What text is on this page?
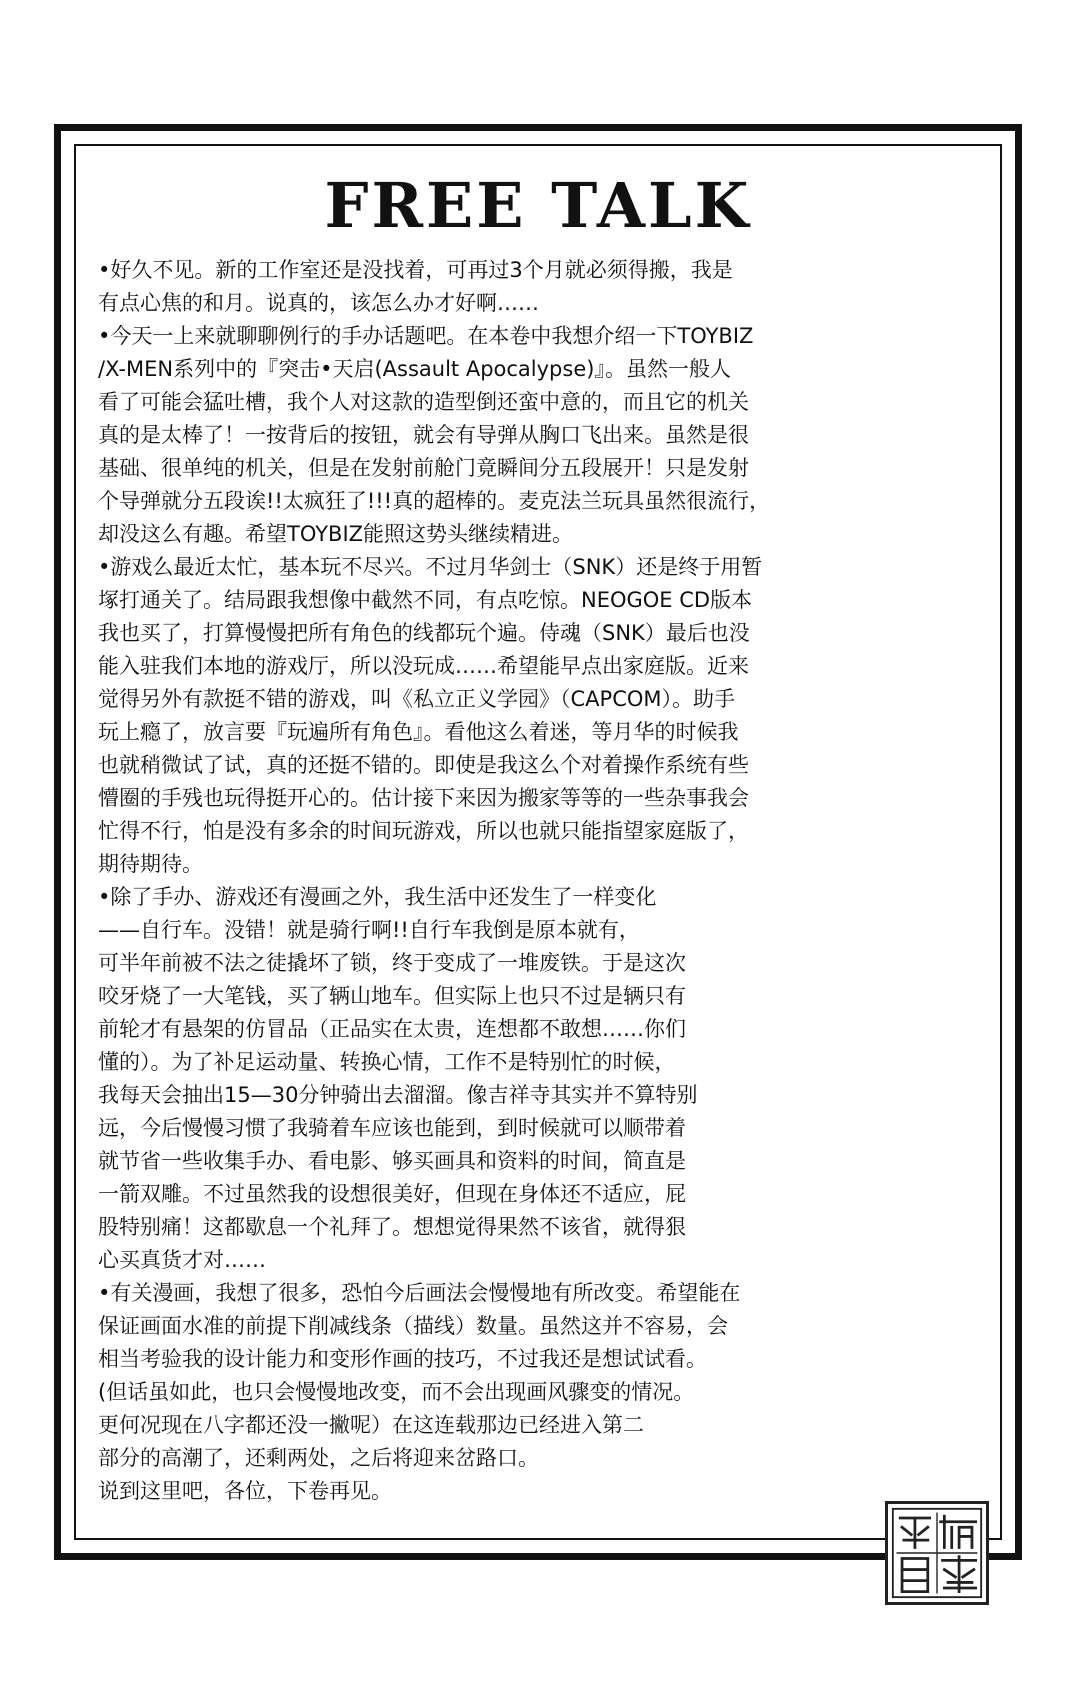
FREE TALK

•好久不见。新的工作室还是没找着，可再过3个月就必须得搬，我是
有点心焦的和月。说真的，该怎么办才好啊……

•今天一上来就聊聊例行的手办话题吧。在本卷中我想介绍一下TOYBIZ
/X-MEN系列中的『突击•天启(Assault Apocalypse)』。虽然一般人
看了可能会猛吐槽，我个人对这款的造型倒还蛮中意的，而且它的机关
真的是太棒了！一按背后的按钮，就会有导弹从胸口飞出来。虽然是很
基础、很单纯的机关，但是在发射前舱门竟瞬间分五段展开！只是发射
个导弹就分五段诶!!太疯狂了!!!真的超棒的。麦克法兰玩具虽然很流行，
却没这么有趣。希望TOYBIZ能照这势头继续精进。

•游戏么最近太忙，基本玩不尽兴。不过月华剑士（SNK）还是终于用暂
塚打通关了。结局跟我想像中截然不同，有点吃惊。NEOGOE CD版本
我也买了，打算慢慢把所有角色的线都玩个遍。侍魂（SNK）最后也没
能入驻我们本地的游戏厅，所以没玩成……希望能早点出家庭版。近来
觉得另外有款挺不错的游戏，叫《私立正义学园》（CAPCOM）。助手
玩上瘾了，放言要『玩遍所有角色』。看他这么着迷，等月华的时候我
也就稍微试了试，真的还挺不错的。即使是我这么个对着操作系统有些
懵圈的手残也玩得挺开心的。估计接下来因为搬家等等的一些杂事我会
忙得不行，怕是没有多余的时间玩游戏，所以也就只能指望家庭版了，
期待期待。

•除了手办、游戏还有漫画之外，我生活中还发生了一样变化
——自行车。没错！就是骑行啊!!自行车我倒是原本就有，
可半年前被不法之徒撬坏了锁，终于变成了一堆废铁。于是这次
咬牙烧了一大笔钱，买了辆山地车。但实际上也只不过是辆只有
前轮才有悬架的仿冒品（正品实在太贵，连想都不敢想……你们
懂的）。为了补足运动量、转换心情，工作不是特别忙的时候，
我每天会抽出15—30分钟骑出去溜溜。像吉祥寺其实并不算特别
远，今后慢慢习惯了我骑着车应该也能到，到时候就可以顺带着
就节省一些收集手办、看电影、够买画具和资料的时间，简直是
一箭双雕。不过虽然我的设想很美好，但现在身体还不适应，屁
股特别痛！这都歇息一个礼拜了。想想觉得果然不该省，就得狠
心买真货才对……

•有关漫画，我想了很多，恐怕今后画法会慢慢地有所改变。希望能在
保证画面水准的前提下削减线条（描线）数量。虽然这并不容易，会
相当考验我的设计能力和变形作画的技巧，不过我还是想试试看。
(但话虽如此，也只会慢慢地改变，而不会出现画风骤变的情况。
更何况现在八字都还没一撇呢）在这连载那边已经进入第二
部分的高潮了，还剩两处，之后将迎来岔路口。
说到这里吧，各位，下卷再见。
